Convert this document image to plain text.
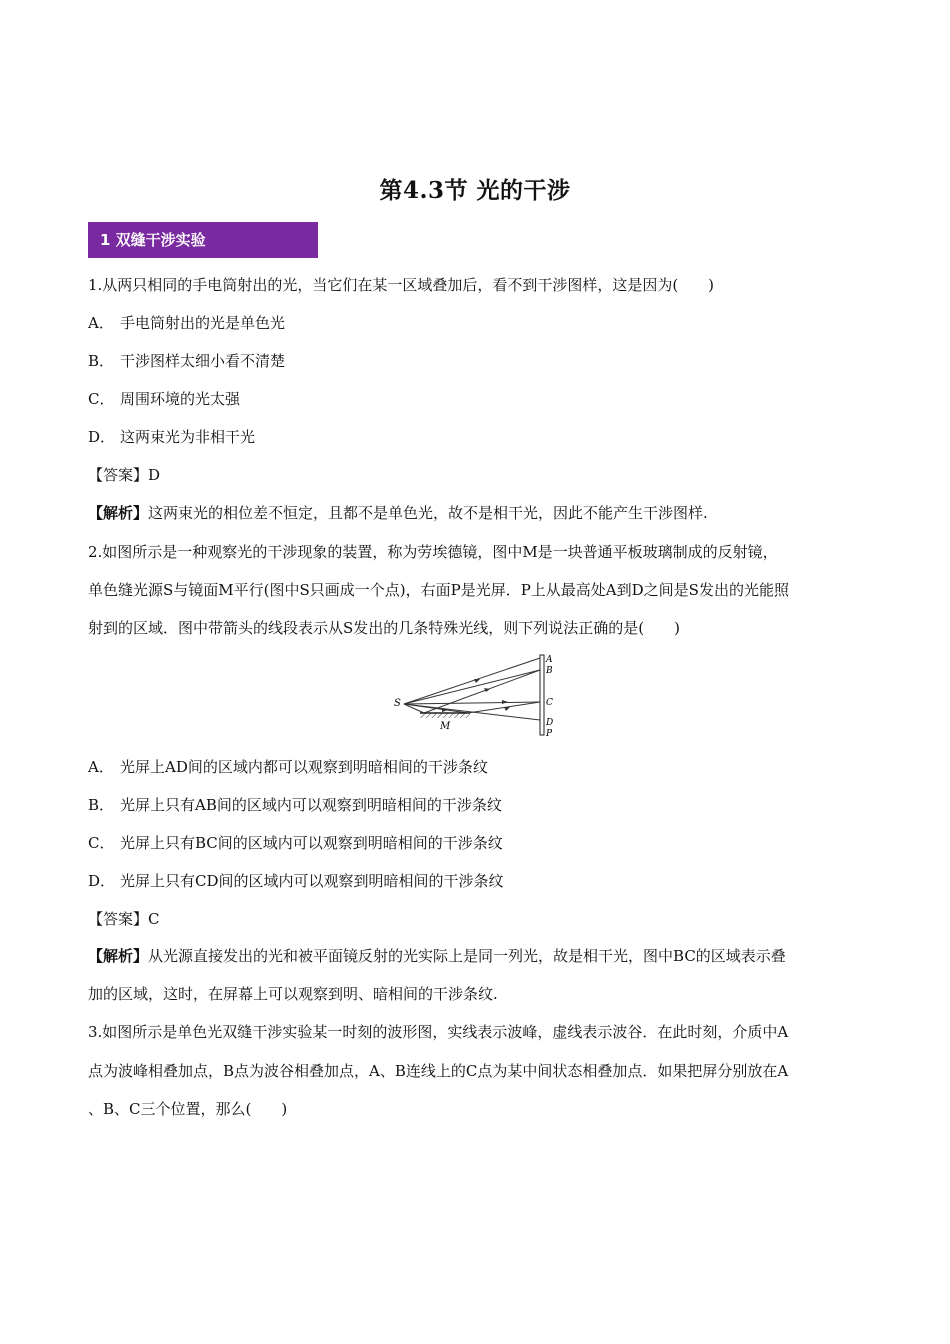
第4.3节 光的干涉
1 双缝干涉实验
1.从两只相同的手电筒射出的光，当它们在某一区域叠加后，看不到干涉图样，这是因为(　　)
A． 手电筒射出的光是单色光
B． 干涉图样太细小看不清楚
C． 周围环境的光太强
D． 这两束光为非相干光
【答案】D
【解析】这两束光的相位差不恒定，且都不是单色光，故不是相干光，因此不能产生干涉图样.
2.如图所示是一种观察光的干涉现象的装置，称为劳埃德镜，图中M是一块普通平板玻璃制成的反射镜，
单色缝光源S与镜面M平行(图中S只画成一个点)，右面P是光屏．P上从最高处A到D之间是S发出的光能照
射到的区域．图中带箭头的线段表示从S发出的几条特殊光线，则下列说法正确的是(　　)
S
M
A
B
C
D
P
A． 光屏上AD间的区域内都可以观察到明暗相间的干涉条纹
B． 光屏上只有AB间的区域内可以观察到明暗相间的干涉条纹
C． 光屏上只有BC间的区域内可以观察到明暗相间的干涉条纹
D． 光屏上只有CD间的区域内可以观察到明暗相间的干涉条纹
【答案】C
【解析】从光源直接发出的光和被平面镜反射的光实际上是同一列光，故是相干光，图中BC的区域表示叠
加的区域，这时，在屏幕上可以观察到明、暗相间的干涉条纹.
3.如图所示是单色光双缝干涉实验某一时刻的波形图，实线表示波峰，虚线表示波谷．在此时刻，介质中A
点为波峰相叠加点，B点为波谷相叠加点，A、B连线上的C点为某中间状态相叠加点．如果把屏分别放在A
、B、C三个位置，那么(　　)
